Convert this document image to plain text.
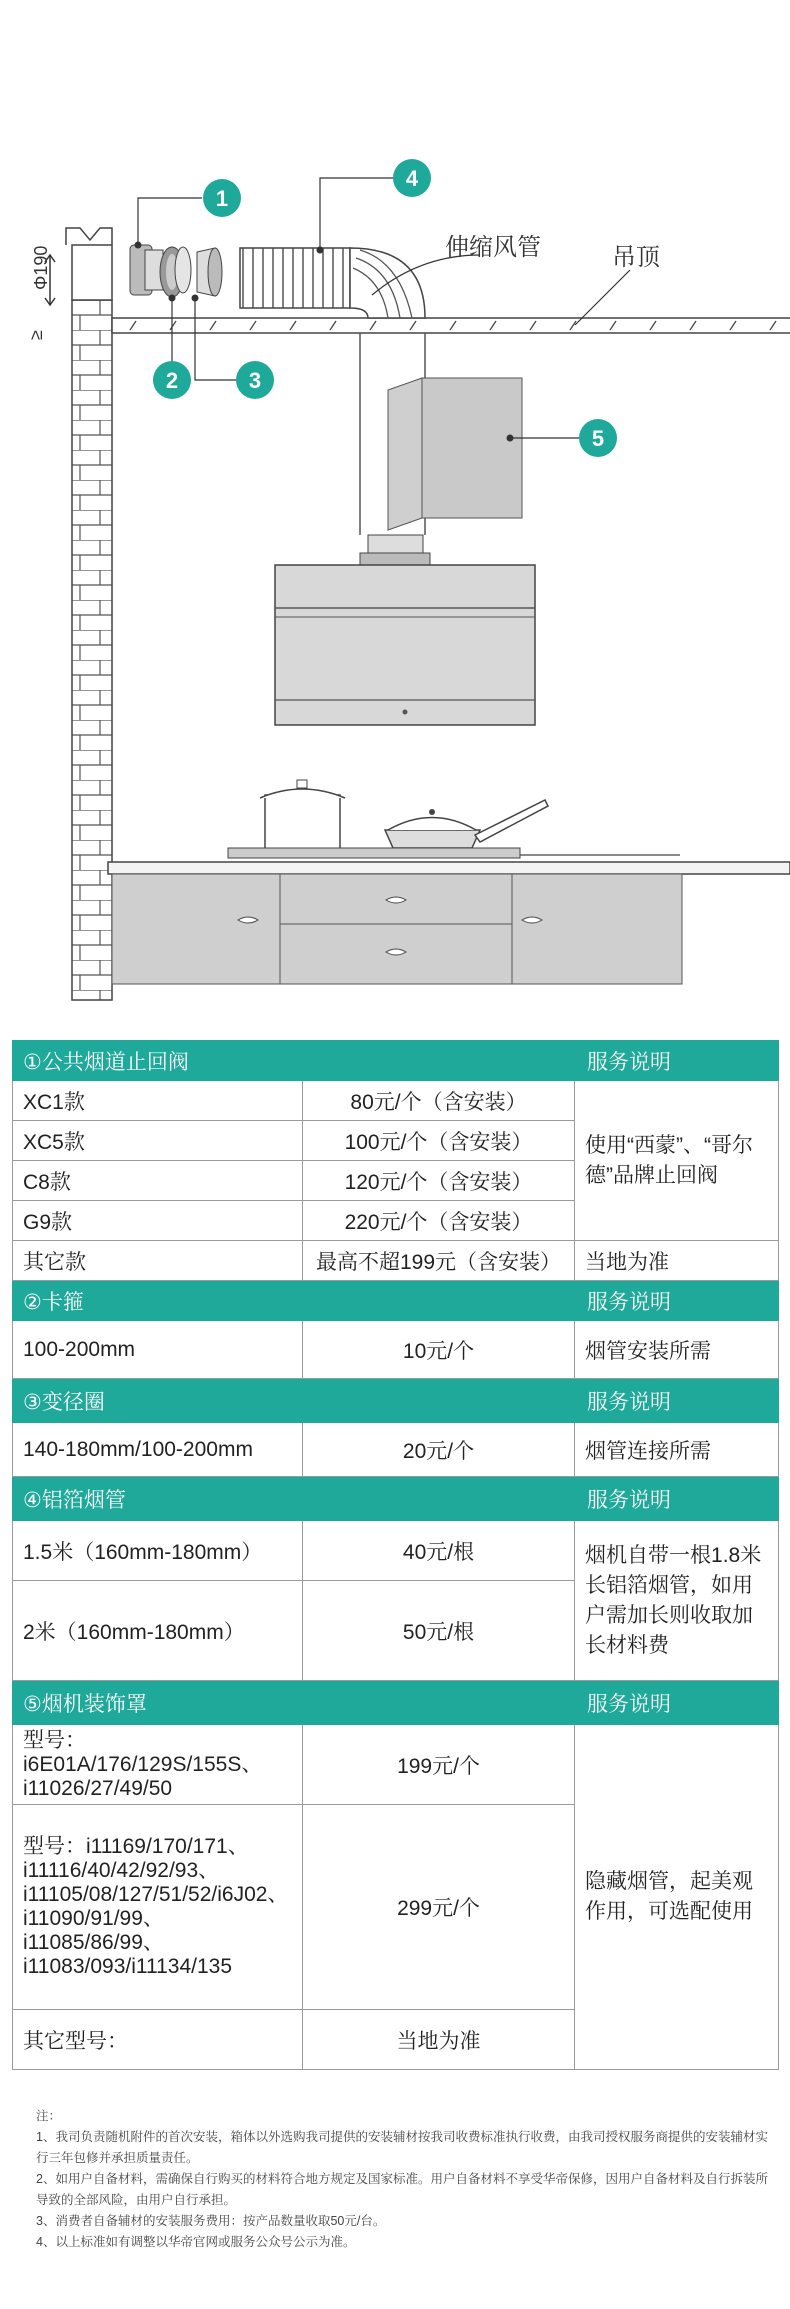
Φ190
≥
1
2	3
4
5
伸缩风管	吊顶
①公共烟道止回阀		服务说明
XC1款	80元/个（含安装）	使用“西蒙”、“哥尔德”品牌止回阀
XC5款	100元/个（含安装）	
C8款	120元/个（含安装）	
G9款	220元/个（含安装）	
其它款	最高不超199元（含安装）	当地为准
②卡箍		服务说明
100-200mm	10元/个	烟管安装所需
③变径圈		服务说明
140-180mm/100-200mm	20元/个	烟管连接所需
④铝箔烟管		服务说明
1.5米（160mm-180mm）	40元/根	烟机自带一根1.8米长铝箔烟管，如用户需加长则收取加长材料费
2米（160mm-180mm）	50元/根	
⑤烟机装饰罩		服务说明
型号：i6E01A/176/129S/155S、i11026/27/49/50	199元/个	隐藏烟管，起美观作用，可选配使用
型号：i11169/170/171、i11116/40/42/92/93、i11105/08/127/51/52/i6J02、i11090/91/99、i11085/86/99、i11083/093/i11134/135	299元/个	
其它型号：	当地为准	

注：

1、我司负责随机附件的首次安装，箱体以外选购我司提供的安装辅材按我司收费标准执行收费，由我司授权服务商提供的安装辅材实行三年包修并承担质量责任。

2、如用户自备材料，需确保自行购买的材料符合地方规定及国家标准。用户自备材料不享受华帝保修，因用户自备材料及自行拆装所导致的全部风险，由用户自行承担。

3、消费者自备辅材的安装服务费用：按产品数量收取50元/台。

4、以上标准如有调整以华帝官网或服务公众号公示为准。
